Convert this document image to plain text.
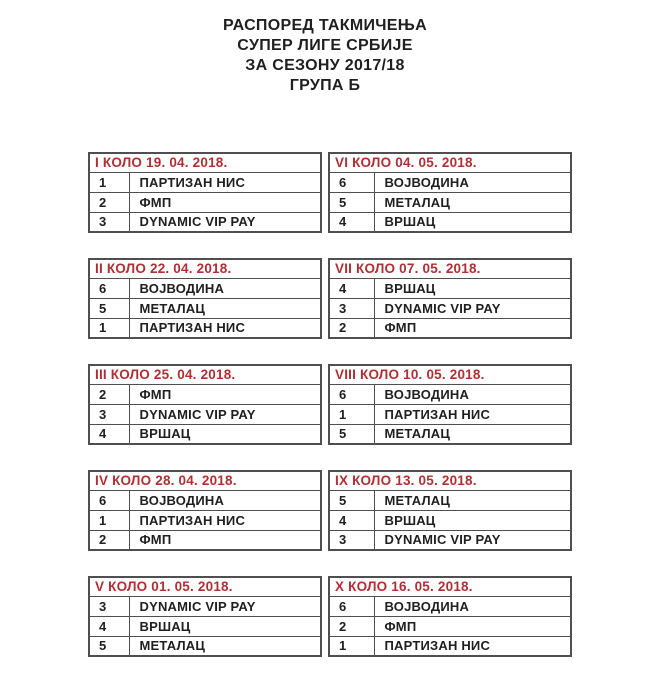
РАСПОРЕД ТАКМИЧЕЊА
СУПЕР ЛИГЕ СРБИЈЕ
ЗА СЕЗОНУ 2017/18
ГРУПА Б
I КОЛО 19. 04. 2018.	
1	ПАРТИЗАН НИС
2	ФМП
3	DYNAMIC VIP PAY
VI КОЛО 04. 05. 2018.	
6	ВОЈВОДИНА
5	МЕТАЛАЦ
4	ВРШАЦ
II КОЛО 22. 04. 2018.	
6	ВОЈВОДИНА
5	МЕТАЛАЦ
1	ПАРТИЗАН НИС
VII КОЛО 07. 05. 2018.	
4	ВРШАЦ
3	DYNAMIC VIP PAY
2	ФМП
III КОЛО 25. 04. 2018.	
2	ФМП
3	DYNAMIC VIP PAY
4	ВРШАЦ
VIII КОЛО 10. 05. 2018.	
6	ВОЈВОДИНА
1	ПАРТИЗАН НИС
5	МЕТАЛАЦ
IV КОЛО 28. 04. 2018.	
6	ВОЈВОДИНА
1	ПАРТИЗАН НИС
2	ФМП
IX КОЛО 13. 05. 2018.	
5	МЕТАЛАЦ
4	ВРШАЦ
3	DYNAMIC VIP PAY
V КОЛО 01. 05. 2018.	
3	DYNAMIC VIP PAY
4	ВРШАЦ
5	МЕТАЛАЦ
X КОЛО 16. 05. 2018.	
6	ВОЈВОДИНА
2	ФМП
1	ПАРТИЗАН НИС
